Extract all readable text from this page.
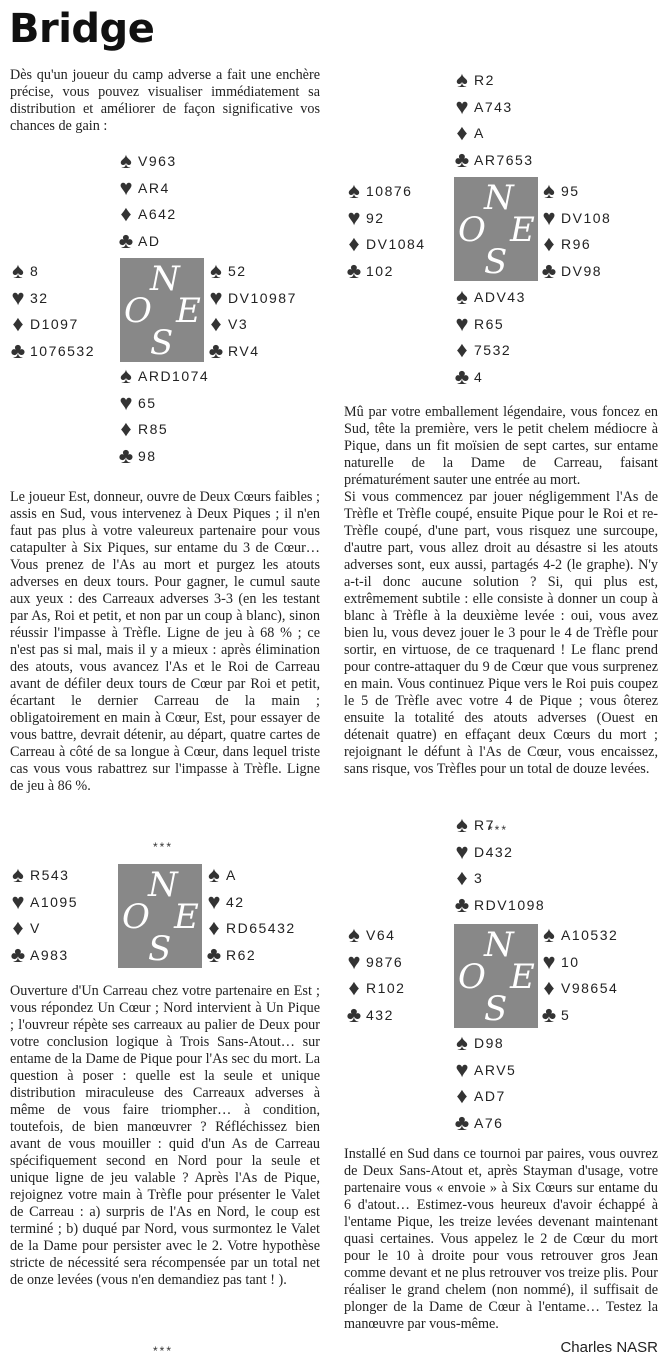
Bridge
Dès qu'un joueur du camp adverse a fait une enchère précise, vous pouvez visualiser immédiatement sa distribution et améliorer de façon significative vos chances de gain :
♠ V963
♥ AR4
♦ A642
♣ AD
♠ 8
♥ 32
♦ D1097
♣ 1076532
N
O E
S
♠ 52
♥ DV10987
♦ V3
♣ RV4
♠ ARD1074
♥ 65
♦ R85
♣ 98
Le joueur Est, donneur, ouvre de Deux Cœurs faibles ; assis en Sud, vous intervenez à Deux Piques ; il n'en faut pas plus à votre valeureux partenaire pour vous catapulter à Six Piques, sur entame du 3 de Cœur… Vous prenez de l'As au mort et purgez les atouts adverses en deux tours. Pour gagner, le cumul saute aux yeux : des Carreaux adverses 3-3 (en les testant par As, Roi et petit, et non par un coup à blanc), sinon réussir l'impasse à Trèfle. Ligne de jeu à 68 % ; ce n'est pas si mal, mais il y a mieux : après élimination des atouts, vous avancez l'As et le Roi de Carreau avant de défiler deux tours de Cœur par Roi et petit, écartant le dernier Carreau de la main ; obligatoirement en main à Cœur, Est, pour essayer de vous battre, devrait détenir, au départ, quatre cartes de Carreau à côté de sa longue à Cœur, dans lequel triste cas vous vous rabattrez sur l'impasse à Trèfle. Ligne de jeu à 86 %.
***
♠ R543
♥ A1095
♦ V
♣ A983
N
O E
S
♠ A
♥ 42
♦ RD65432
♣ R62
Ouverture d'Un Carreau chez votre partenaire en Est ; vous répondez Un Cœur ; Nord intervient à Un Pique ; l'ouvreur répète ses carreaux au palier de Deux pour votre conclusion logique à Trois Sans-Atout… sur entame de la Dame de Pique pour l'As sec du mort. La question à poser : quelle est la seule et unique distribution miraculeuse des Carreaux adverses à même de vous faire triompher… à condition, toutefois, de bien manœuvrer ? Réfléchissez bien avant de vous mouiller : quid d'un As de Carreau spécifiquement second en Nord pour la seule et unique ligne de jeu valable ? Après l'As de Pique, rejoignez votre main à Trèfle pour présenter le Valet de Carreau : a) surpris de l'As en Nord, le coup est terminé ; b) duqué par Nord, vous surmontez le Valet de la Dame pour persister avec le 2. Votre hypothèse stricte de nécessité sera récompensée par un total net de onze levées (vous n'en demandiez pas tant ! ).
***
♠ R2
♥ A743
♦ A
♣ AR7653
♠ 10876
♥ 92
♦ DV1084
♣ 102
N
O E
S
♠ 95
♥ DV108
♦ R96
♣ DV98
♠ ADV43
♥ R65
♦ 7532
♣ 4
Mû par votre emballement légendaire, vous foncez en Sud, tête la première, vers le petit chelem médiocre à Pique, dans un fit moïsien de sept cartes, sur entame naturelle de la Dame de Carreau, faisant prématurément sauter une entrée au mort.
Si vous commencez par jouer négligemment l'As de Trèfle et Trèfle coupé, ensuite Pique pour le Roi et re-Trèfle coupé, d'une part, vous risquez une surcoupe, d'autre part, vous allez droit au désastre si les atouts adverses sont, eux aussi, partagés 4-2 (le graphe). N'y a-t-il donc aucune solution ? Si, qui plus est, extrêmement subtile : elle consiste à donner un coup à blanc à Trèfle à la deuxième levée : oui, vous avez bien lu, vous devez jouer le 3 pour le 4 de Trèfle pour sortir, en virtuose, de ce traquenard ! Le flanc prend pour contre-attaquer du 9 de Cœur que vous surprenez en main. Vous continuez Pique vers le Roi puis coupez le 5 de Trèfle avec votre 4 de Pique ; vous ôterez ensuite la totalité des atouts adverses (Ouest en détenait quatre) en effaçant deux Cœurs du mort ; rejoignant le défunt à l'As de Cœur, vous encaissez, sans risque, vos Trèfles pour un total de douze levées.
***
♠ R7
♥ D432
♦ 3
♣ RDV1098
♠ V64
♥ 9876
♦ R102
♣ 432
N
O E
S
♠ A10532
♥ 10
♦ V98654
♣ 5
♠ D98
♥ ARV5
♦ AD7
♣ A76
Installé en Sud dans ce tournoi par paires, vous ouvrez de Deux Sans-Atout et, après Stayman d'usage, votre partenaire vous « envoie » à Six Cœurs sur entame du 6 d'atout… Estimez-vous heureux d'avoir échappé à l'entame Pique, les treize levées devenant maintenant quasi certaines. Vous appelez le 2 de Cœur du mort pour le 10 à droite pour vous retrouver gros Jean comme devant et ne plus retrouver vos treize plis. Pour réaliser le grand chelem (non nommé), il suffisait de plonger de la Dame de Cœur à l'entame… Testez la manœuvre par vous-même.
Charles NASR
